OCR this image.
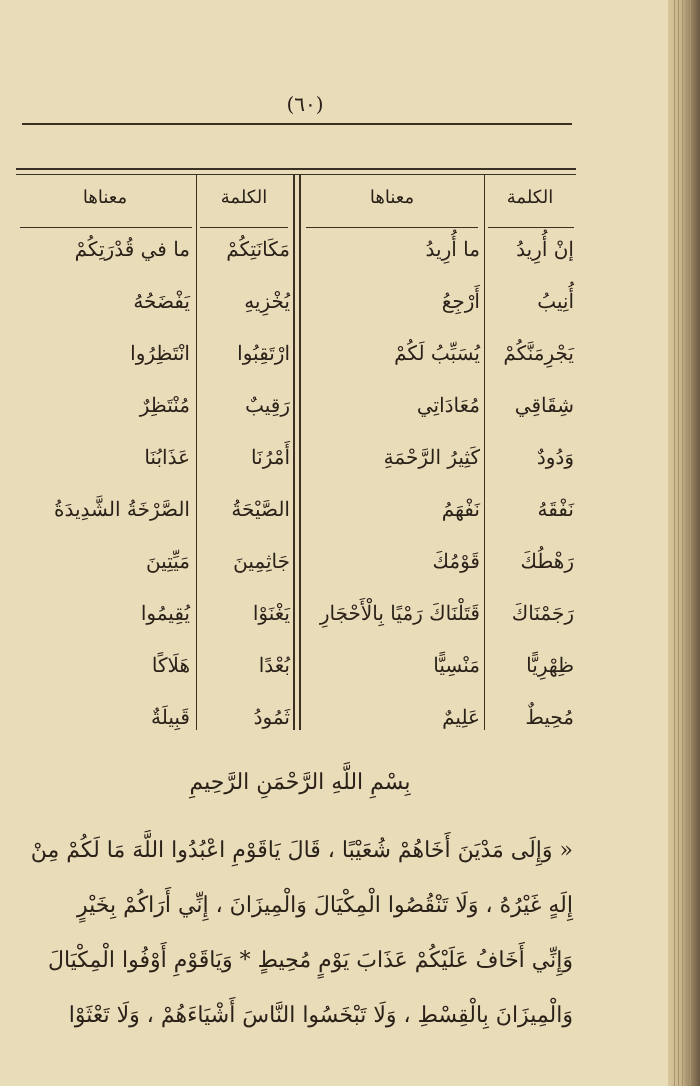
(٦٠)
الكلمة
معناها
الكلمة
معناها
إنْ أُرِيدُ
ما أُرِيدُ
مَكَانَتِكُمْ
ما في قُدْرَتِكُمْ
أُنِيبُ
أَرْجِعُ
يُخْزِيهِ
يَفْضَحُهُ
يَجْرِمَنَّكُمْ
يُسَبِّبُ لَكُمْ
ارْتَقِبُوا
انْتَظِرُوا
شِقَاقِي
مُعَادَاتِي
رَقِيبٌ
مُنْتَظِرٌ
وَدُودٌ
كَثِيرُ الرَّحْمَةِ
أَمْرُنَا
عَذَابُنَا
نَفْقَهُ
نَفْهَمُ
الصَّيْحَةُ
الصَّرْخَةُ الشَّدِيدَةُ
رَهْطُكَ
قَوْمُكَ
جَاثِمِينَ
مَيِّتِينَ
رَجَمْنَاكَ
قَتَلْنَاكَ رَمْيًا بِالْأَحْجَارِ
يَغْنَوْا
يُقِيمُوا
ظِهْرِيًّا
مَنْسِيًّا
بُعْدًا
هَلَاكًا
مُحِيطٌ
عَلِيمٌ
ثَمُودُ
قَبِيلَةٌ
بِسْمِ اللَّهِ الرَّحْمَنِ الرَّحِيمِ
« وَإِلَى مَدْيَنَ أَخَاهُمْ شُعَيْبًا ، قَالَ يَاقَوْمِ اعْبُدُوا اللَّهَ مَا لَكُمْ مِنْ
إِلَهٍ غَيْرُهُ ، وَلَا تَنْقُصُوا الْمِكْيَالَ وَالْمِيزَانَ ، إِنِّي أَرَاكُمْ بِخَيْرٍ
وَإِنِّي أَخَافُ عَلَيْكُمْ عَذَابَ يَوْمٍ مُحِيطٍ * وَيَاقَوْمِ أَوْفُوا الْمِكْيَالَ
وَالْمِيزَانَ بِالْقِسْطِ ، وَلَا تَبْخَسُوا النَّاسَ أَشْيَاءَهُمْ ، وَلَا تَعْثَوْا
